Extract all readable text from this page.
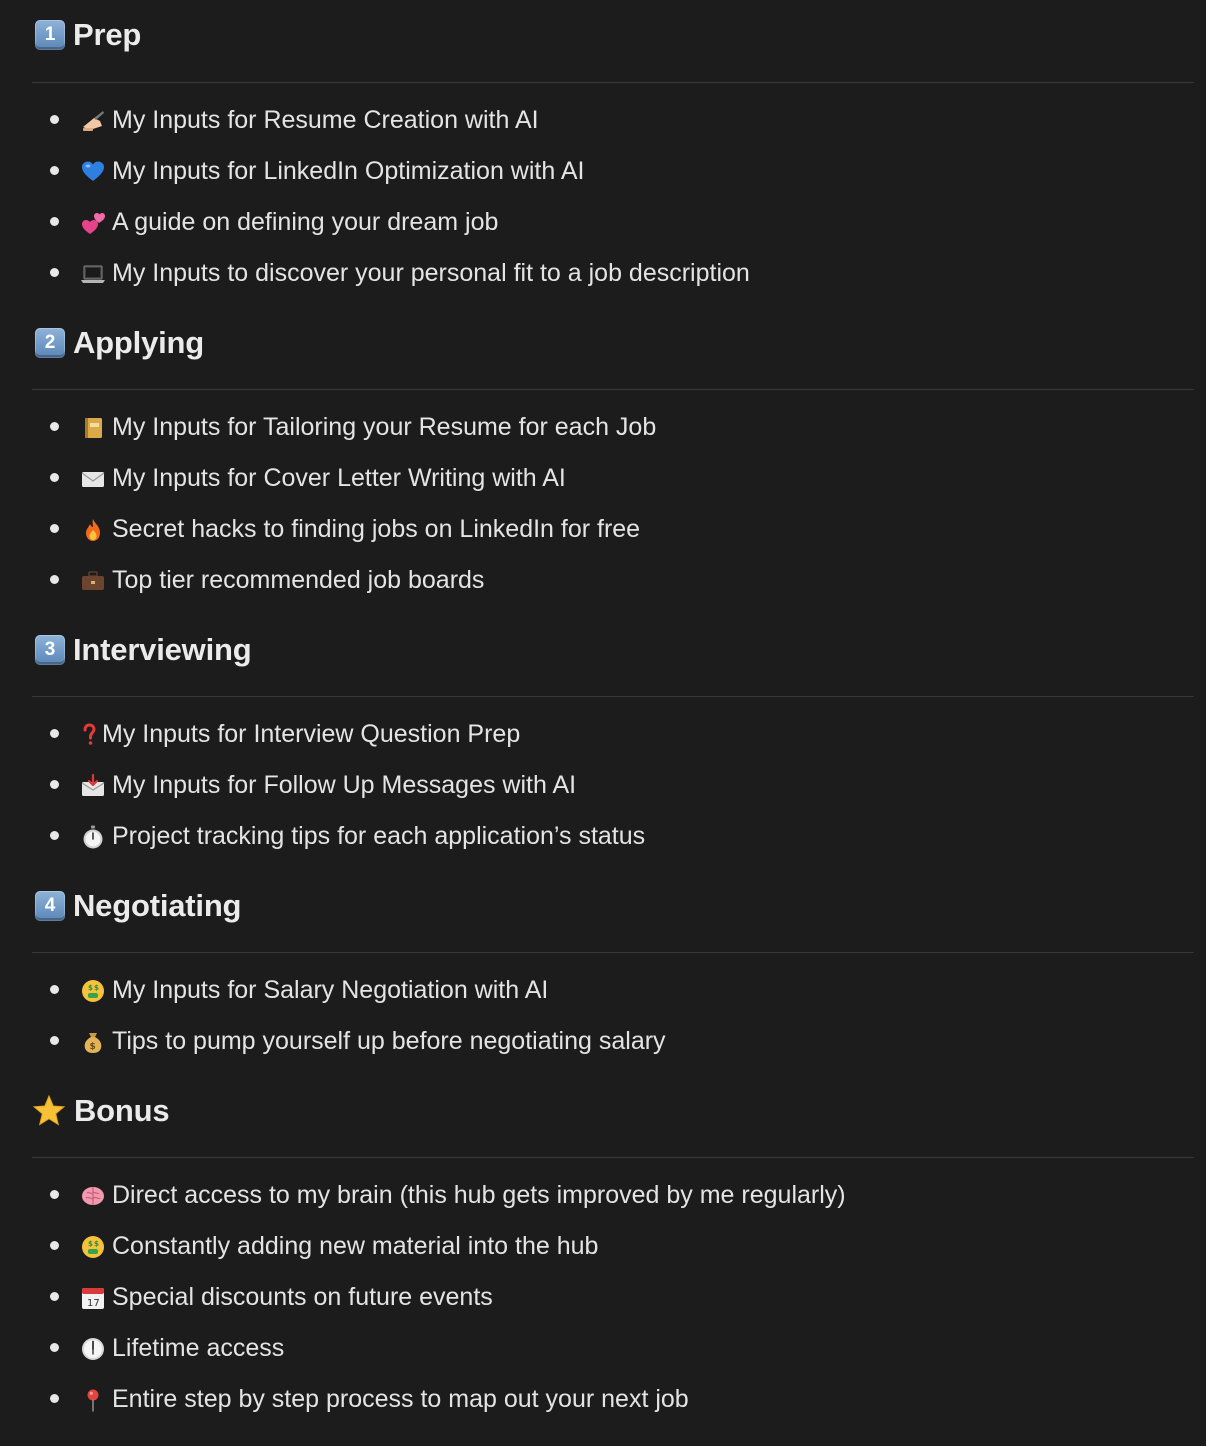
1 Prep
My Inputs for Resume Creation with AI
My Inputs for LinkedIn Optimization with AI
A guide on defining your dream job
My Inputs to discover your personal fit to a job description
2 Applying
My Inputs for Tailoring your Resume for each Job
My Inputs for Cover Letter Writing with AI
Secret hacks to finding jobs on LinkedIn for free
Top tier recommended job boards
3 Interviewing
My Inputs for Interview Question Prep
My Inputs for Follow Up Messages with AI
Project tracking tips for each application’s status
4 Negotiating
$ $ My Inputs for Salary Negotiation with AI
$ Tips to pump yourself up before negotiating salary
Bonus
Direct access to my brain (this hub gets improved by me regularly)
$ $ Constantly adding new material into the hub
17 Special discounts on future events
Lifetime access
Entire step by step process to map out your next job
